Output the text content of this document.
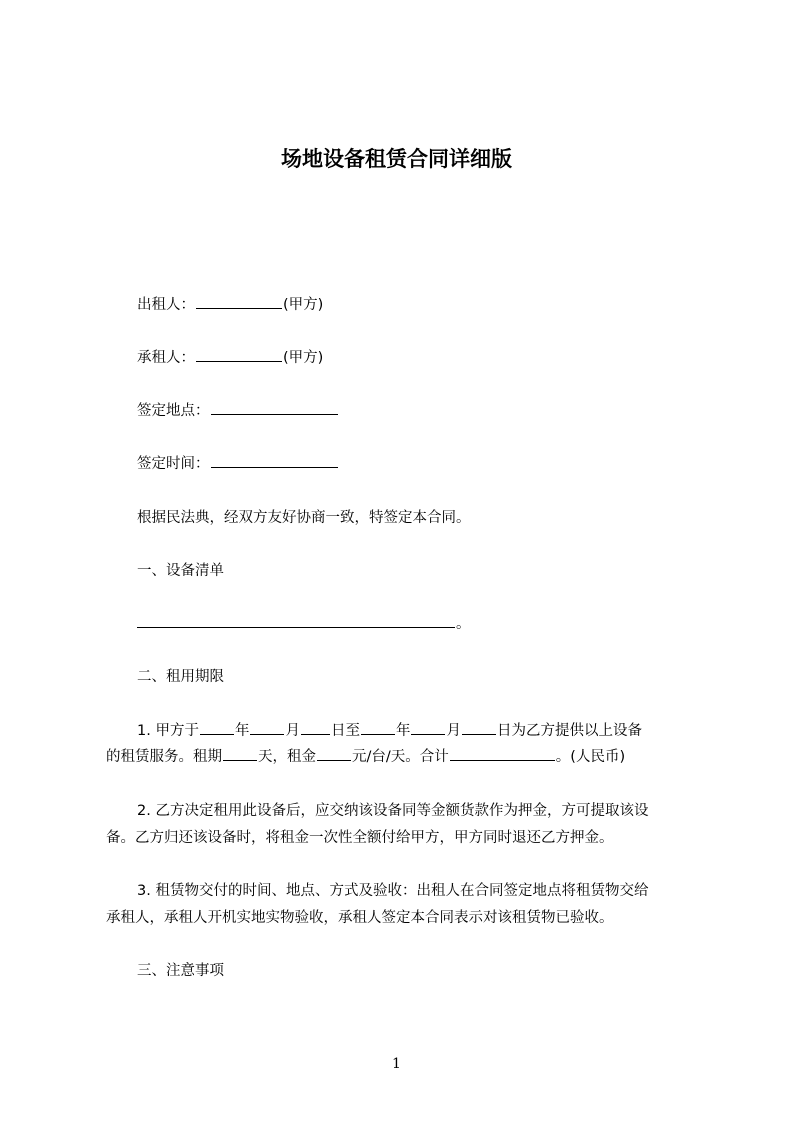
场地设备租赁合同详细版
出租人：	(甲方)
承租人：	(甲方)
签定地点：
签定时间：
根据民法典，经双方友好协商一致，特签定本合同。
一、设备清单
。
二、租用期限
1. 甲方于 年 月 日至 年 月 日为乙方提供以上设备
的租赁服务。租期 天，租金 元/台/天。合计	。(人民币)
2. 乙方决定租用此设备后，应交纳该设备同等金额货款作为押金，方可提取该设
备。乙方归还该设备时，将租金一次性全额付给甲方，甲方同时退还乙方押金。
3. 租赁物交付的时间、地点、方式及验收：出租人在合同签定地点将租赁物交给
承租人，承租人开机实地实物验收，承租人签定本合同表示对该租赁物已验收。
三、注意事项
1
